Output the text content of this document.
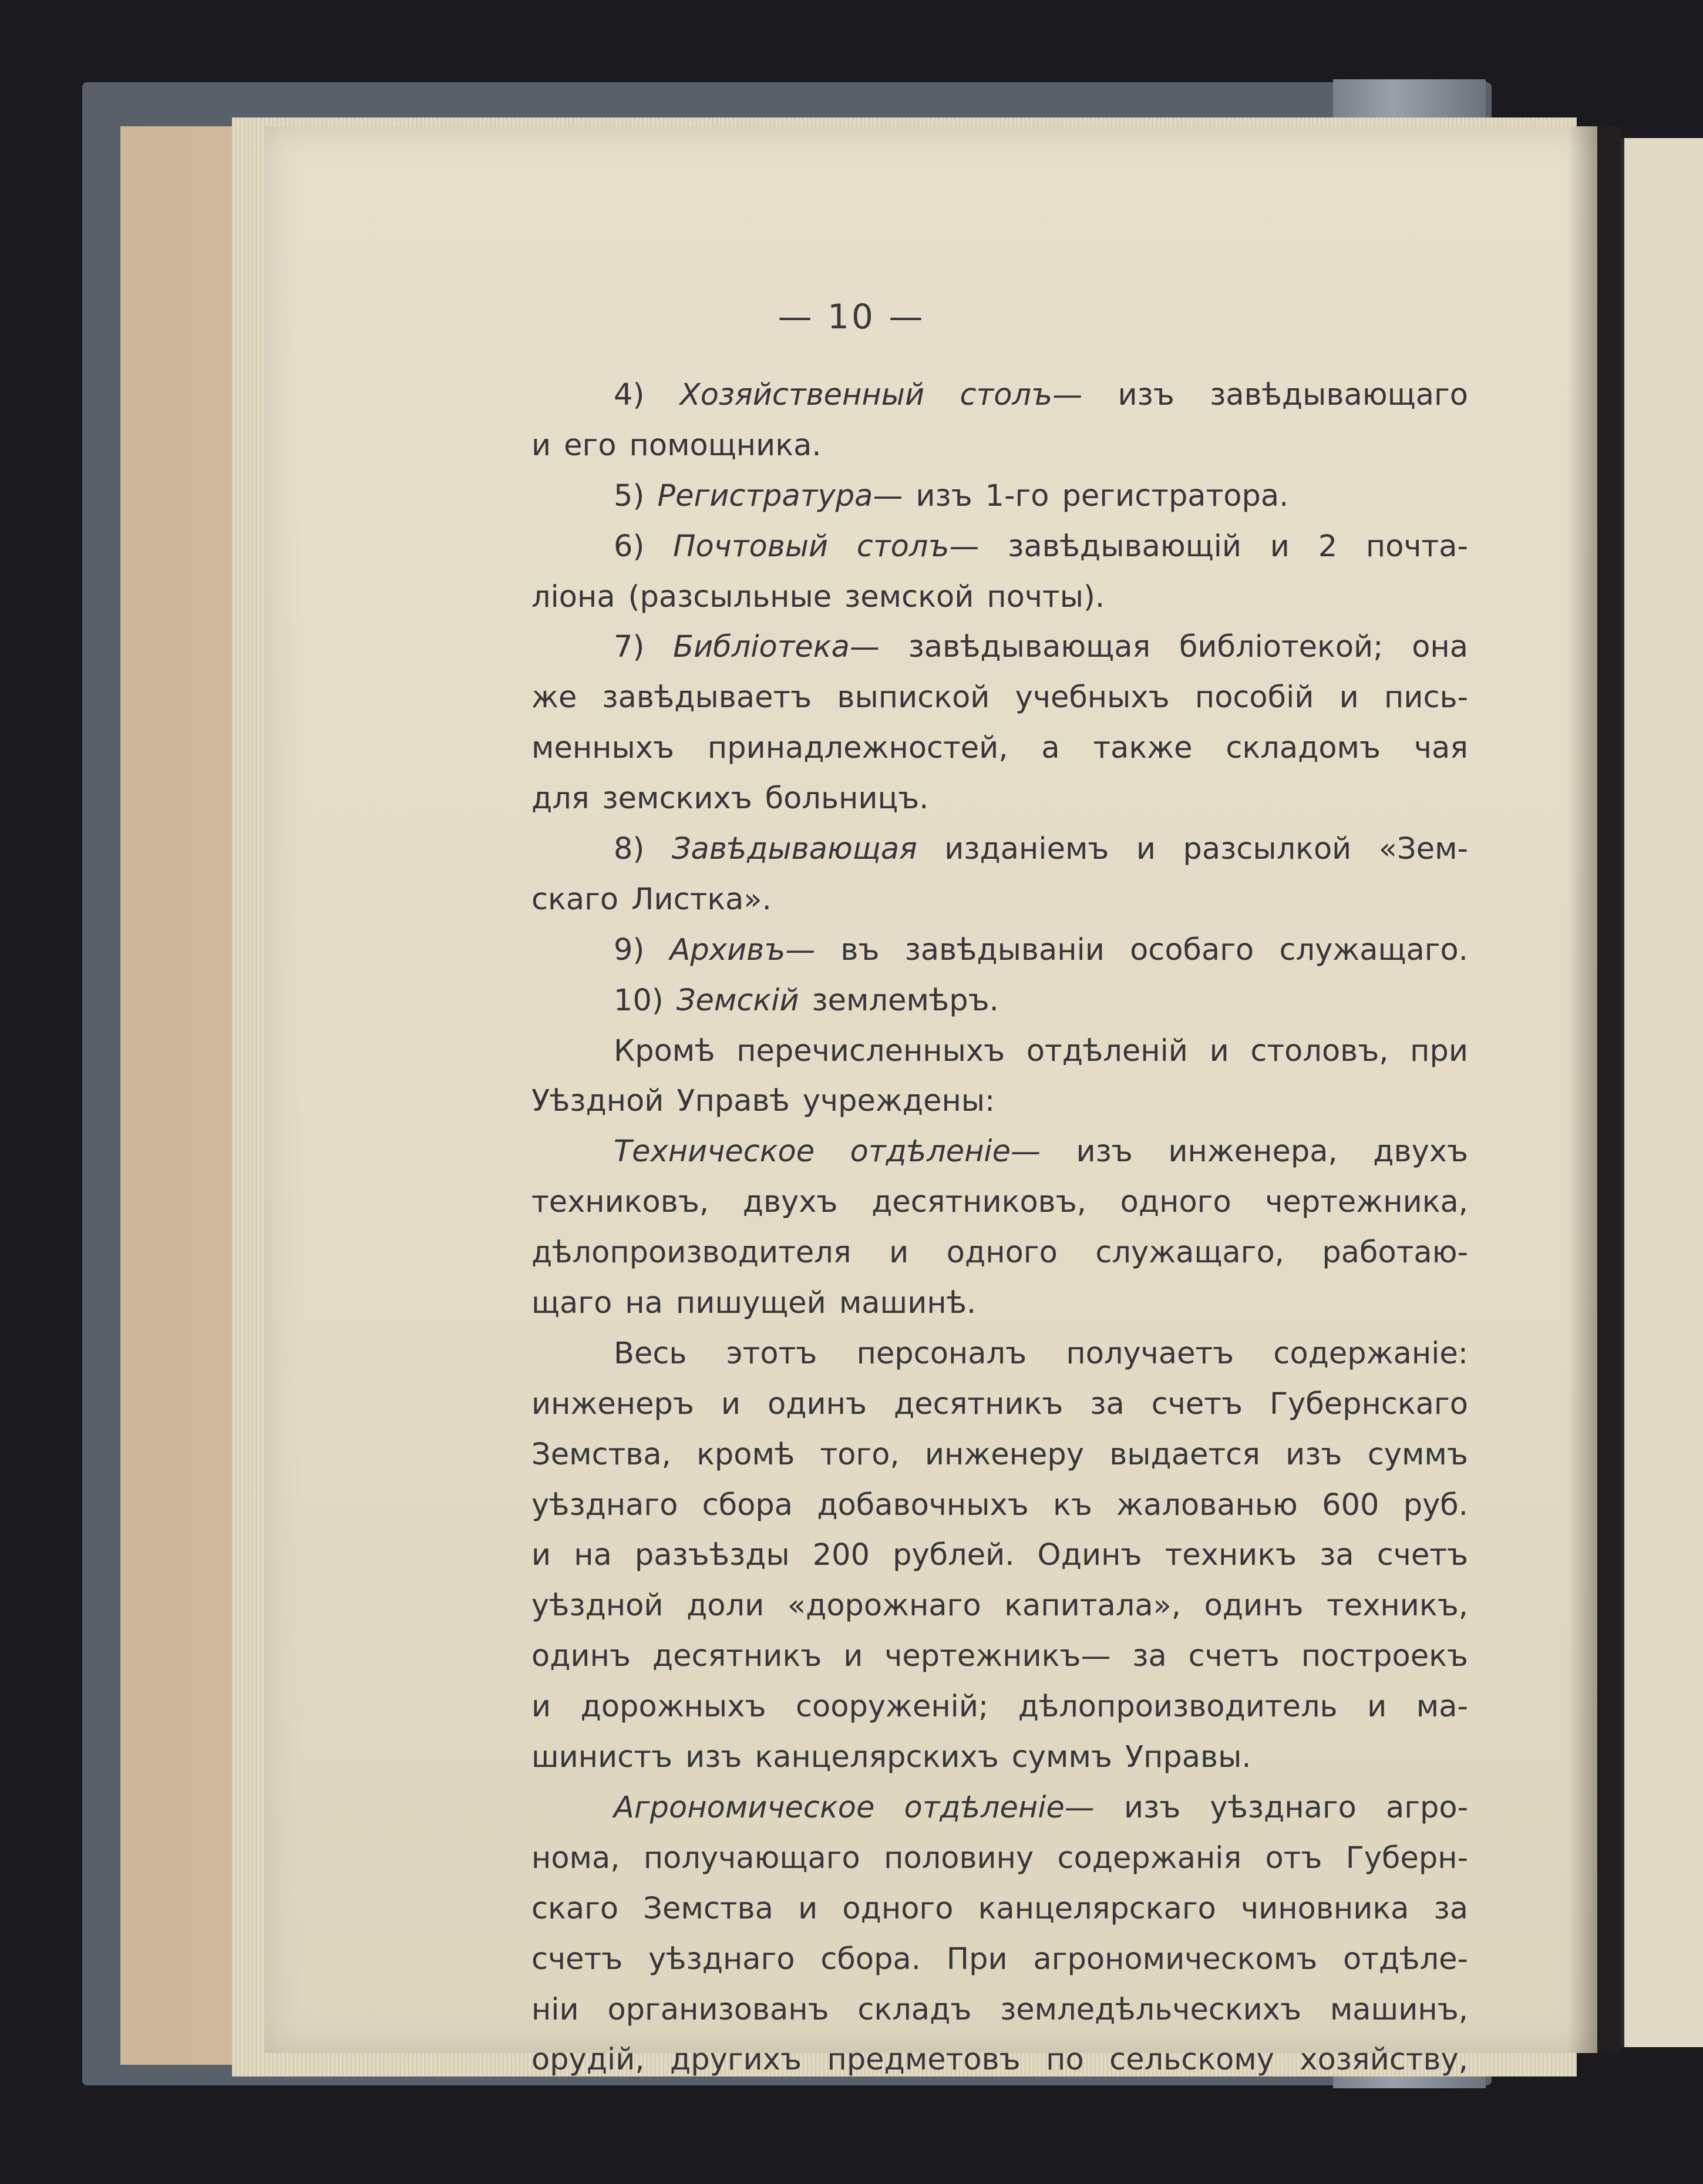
— 10 —
4) Хозяйственный столъ— изъ завѣдывающаго
и его помощника.
5) Регистратура— изъ 1-го регистратора.
6) Почтовый столъ— завѣдывающій и 2 почта-
ліона (разсыльные земской почты).
7) Библіотека— завѣдывающая библіотекой; она
же завѣдываетъ выпиской учебныхъ пособій и пись-
менныхъ принадлежностей, а также складомъ чая
для земскихъ больницъ.
8) Завѣдывающая изданіемъ и разсылкой «Зем-
скаго Листка».
9) Архивъ— въ завѣдываніи особаго служащаго.
10) Земскій землемѣръ.
Кромѣ перечисленныхъ отдѣленій и столовъ, при
Уѣздной Управѣ учреждены:
Техническое отдѣленіе— изъ инженера, двухъ
техниковъ, двухъ десятниковъ, одного чертежника,
дѣлопроизводителя и одного служащаго, работаю-
щаго на пишущей машинѣ.
Весь этотъ персоналъ получаетъ содержаніе:
инженеръ и одинъ десятникъ за счетъ Губернскаго
Земства, кромѣ того, инженеру выдается изъ суммъ
уѣзднаго сбора добавочныхъ къ жалованью 600 руб.
и на разъѣзды 200 рублей. Одинъ техникъ за счетъ
уѣздной доли «дорожнаго капитала», одинъ техникъ,
одинъ десятникъ и чертежникъ— за счетъ построекъ
и дорожныхъ сооруженій; дѣлопроизводитель и ма-
шинистъ изъ канцелярскихъ суммъ Управы.
Агрономическое отдѣленіе— изъ уѣзднаго агро-
нома, получающаго половину содержанія отъ Губерн-
скаго Земства и одного канцелярскаго чиновника за
счетъ уѣзднаго сбора. При агрономическомъ отдѣле-
ніи организованъ складъ земледѣльческихъ машинъ,
орудій, другихъ предметовъ по сельскому хозяйству,
